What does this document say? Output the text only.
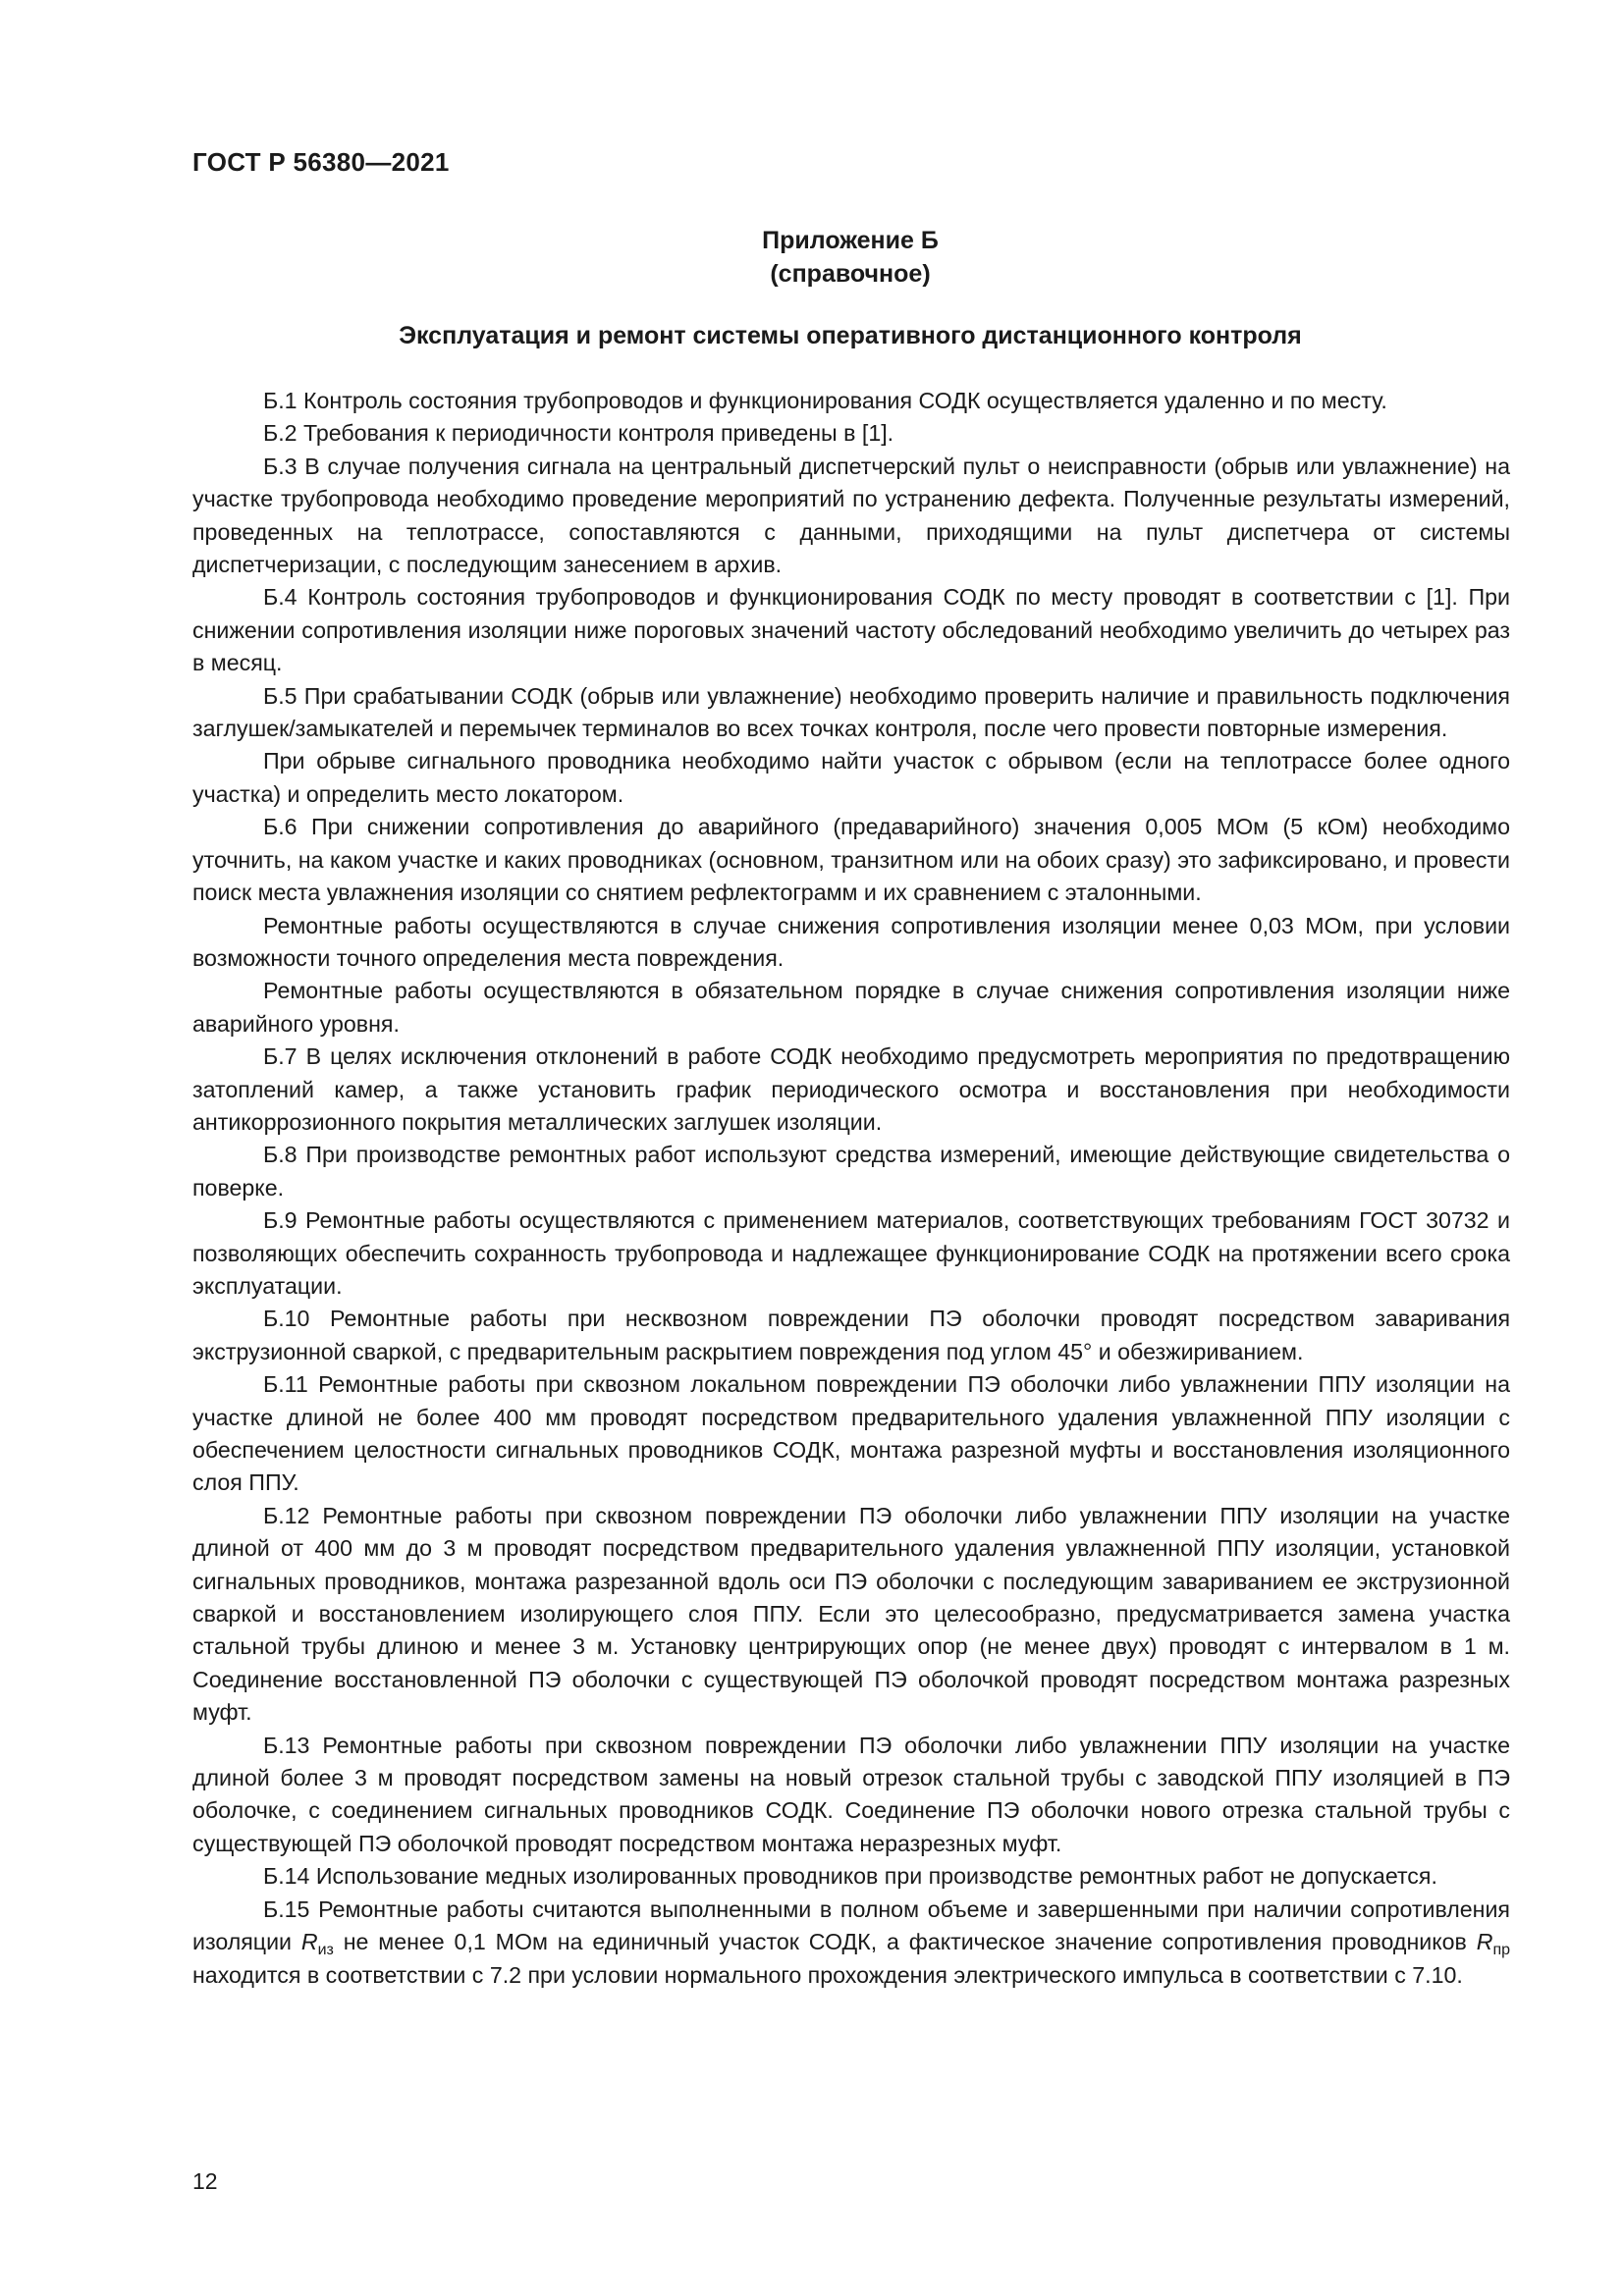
ГОСТ Р 56380—2021
Приложение Б
(справочное)
Эксплуатация и ремонт системы оперативного дистанционного контроля

Б.1 Контроль состояния трубопроводов и функционирования СОДК осуществляется удаленно и по месту.

Б.2 Требования к периодичности контроля приведены в [1].

Б.3 В случае получения сигнала на центральный диспетчерский пульт о неисправности (обрыв или увлажнение) на участке трубопровода необходимо проведение мероприятий по устранению дефекта. Полученные результаты измерений, проведенных на теплотрассе, сопоставляются с данными, приходящими на пульт диспетчера от системы диспетчеризации, с последующим занесением в архив.

Б.4 Контроль состояния трубопроводов и функционирования СОДК по месту проводят в соответствии с [1]. При снижении сопротивления изоляции ниже пороговых значений частоту обследований необходимо увеличить до четырех раз в месяц.

Б.5 При срабатывании СОДК (обрыв или увлажнение) необходимо проверить наличие и правильность подключения заглушек/замыкателей и перемычек терминалов во всех точках контроля, после чего провести повторные измерения.

При обрыве сигнального проводника необходимо найти участок с обрывом (если на теплотрассе более одного участка) и определить место локатором.

Б.6 При снижении сопротивления до аварийного (предаварийного) значения 0,005 МОм (5 кОм) необходимо уточнить, на каком участке и каких проводниках (основном, транзитном или на обоих сразу) это зафиксировано, и провести поиск места увлажнения изоляции со снятием рефлектограмм и их сравнением с эталонными.

Ремонтные работы осуществляются в случае снижения сопротивления изоляции менее 0,03 МОм, при условии возможности точного определения места повреждения.

Ремонтные работы осуществляются в обязательном порядке в случае снижения сопротивления изоляции ниже аварийного уровня.

Б.7 В целях исключения отклонений в работе СОДК необходимо предусмотреть мероприятия по предотвращению затоплений камер, а также установить график периодического осмотра и восстановления при необходимости антикоррозионного покрытия металлических заглушек изоляции.

Б.8 При производстве ремонтных работ используют средства измерений, имеющие действующие свидетельства о поверке.

Б.9 Ремонтные работы осуществляются с применением материалов, соответствующих требованиям ГОСТ 30732 и позволяющих обеспечить сохранность трубопровода и надлежащее функционирование СОДК на протяжении всего срока эксплуатации.

Б.10 Ремонтные работы при несквозном повреждении ПЭ оболочки проводят посредством заваривания экструзионной сваркой, с предварительным раскрытием повреждения под углом 45° и обезжириванием.

Б.11 Ремонтные работы при сквозном локальном повреждении ПЭ оболочки либо увлажнении ППУ изоляции на участке длиной не более 400 мм проводят посредством предварительного удаления увлажненной ППУ изоляции с обеспечением целостности сигнальных проводников СОДК, монтажа разрезной муфты и восстановления изоляционного слоя ППУ.

Б.12 Ремонтные работы при сквозном повреждении ПЭ оболочки либо увлажнении ППУ изоляции на участке длиной от 400 мм до 3 м проводят посредством предварительного удаления увлажненной ППУ изоляции, установкой сигнальных проводников, монтажа разрезанной вдоль оси ПЭ оболочки с последующим завариванием ее экструзионной сваркой и восстановлением изолирующего слоя ППУ. Если это целесообразно, предусматривается замена участка стальной трубы длиною и менее 3 м. Установку центрирующих опор (не менее двух) проводят с интервалом в 1 м. Соединение восстановленной ПЭ оболочки с существующей ПЭ оболочкой проводят посредством монтажа разрезных муфт.

Б.13 Ремонтные работы при сквозном повреждении ПЭ оболочки либо увлажнении ППУ изоляции на участке длиной более 3 м проводят посредством замены на новый отрезок стальной трубы с заводской ППУ изоляцией в ПЭ оболочке, с соединением сигнальных проводников СОДК. Соединение ПЭ оболочки нового отрезка стальной трубы с существующей ПЭ оболочкой проводят посредством монтажа неразрезных муфт.

Б.14 Использование медных изолированных проводников при производстве ремонтных работ не допускается.

Б.15 Ремонтные работы считаются выполненными в полном объеме и завершенными при наличии сопротивления изоляции $R_{из}$ не менее 0,1 МОм на единичный участок СОДК, а фактическое значение сопротивления проводников $R_{пр}$ находится в соответствии с 7.2 при условии нормального прохождения электрического импульса в соответствии с 7.10.

12
